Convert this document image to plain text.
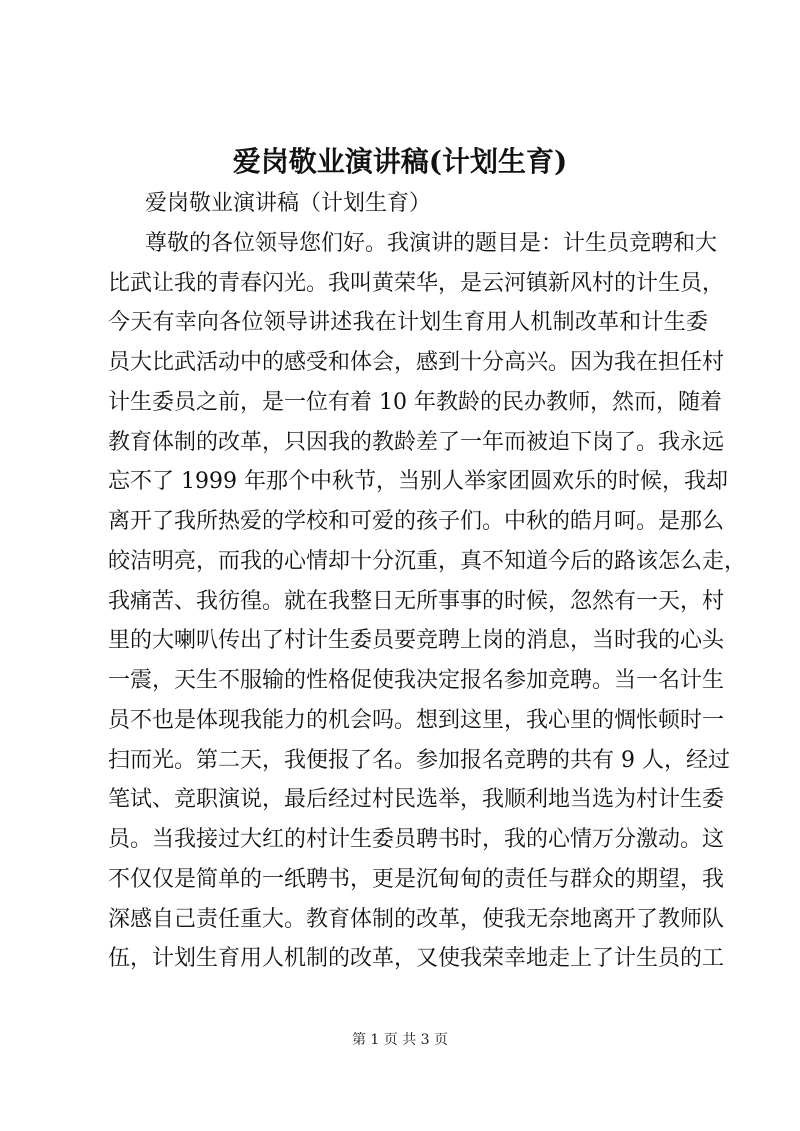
爱岗敬业演讲稿(计划生育)
爱岗敬业演讲稿（计划生育）
尊敬的各位领导您们好。我演讲的题目是：计生员竞聘和大
比武让我的青春闪光。我叫黄荣华，是云河镇新风村的计生员，
今天有幸向各位领导讲述我在计划生育用人机制改革和计生委
员大比武活动中的感受和体会，感到十分高兴。因为我在担任村
计生委员之前，是一位有着 10 年教龄的民办教师，然而，随着
教育体制的改革，只因我的教龄差了一年而被迫下岗了。我永远
忘不了 1999 年那个中秋节，当别人举家团圆欢乐的时候，我却
离开了我所热爱的学校和可爱的孩子们。中秋的皓月呵。是那么
皎洁明亮，而我的心情却十分沉重，真不知道今后的路该怎么走，
我痛苦、我彷徨。就在我整日无所事事的时候，忽然有一天，村
里的大喇叭传出了村计生委员要竞聘上岗的消息，当时我的心头
一震，天生不服输的性格促使我决定报名参加竞聘。当一名计生
员不也是体现我能力的机会吗。想到这里，我心里的惆怅顿时一
扫而光。第二天，我便报了名。参加报名竞聘的共有 9 人，经过
笔试、竞职演说，最后经过村民选举，我顺利地当选为村计生委
员。当我接过大红的村计生委员聘书时，我的心情万分激动。这
不仅仅是简单的一纸聘书，更是沉甸甸的责任与群众的期望，我
深感自己责任重大。教育体制的改革，使我无奈地离开了教师队
伍，计划生育用人机制的改革，又使我荣幸地走上了计生员的工
第 1 页 共 3 页
